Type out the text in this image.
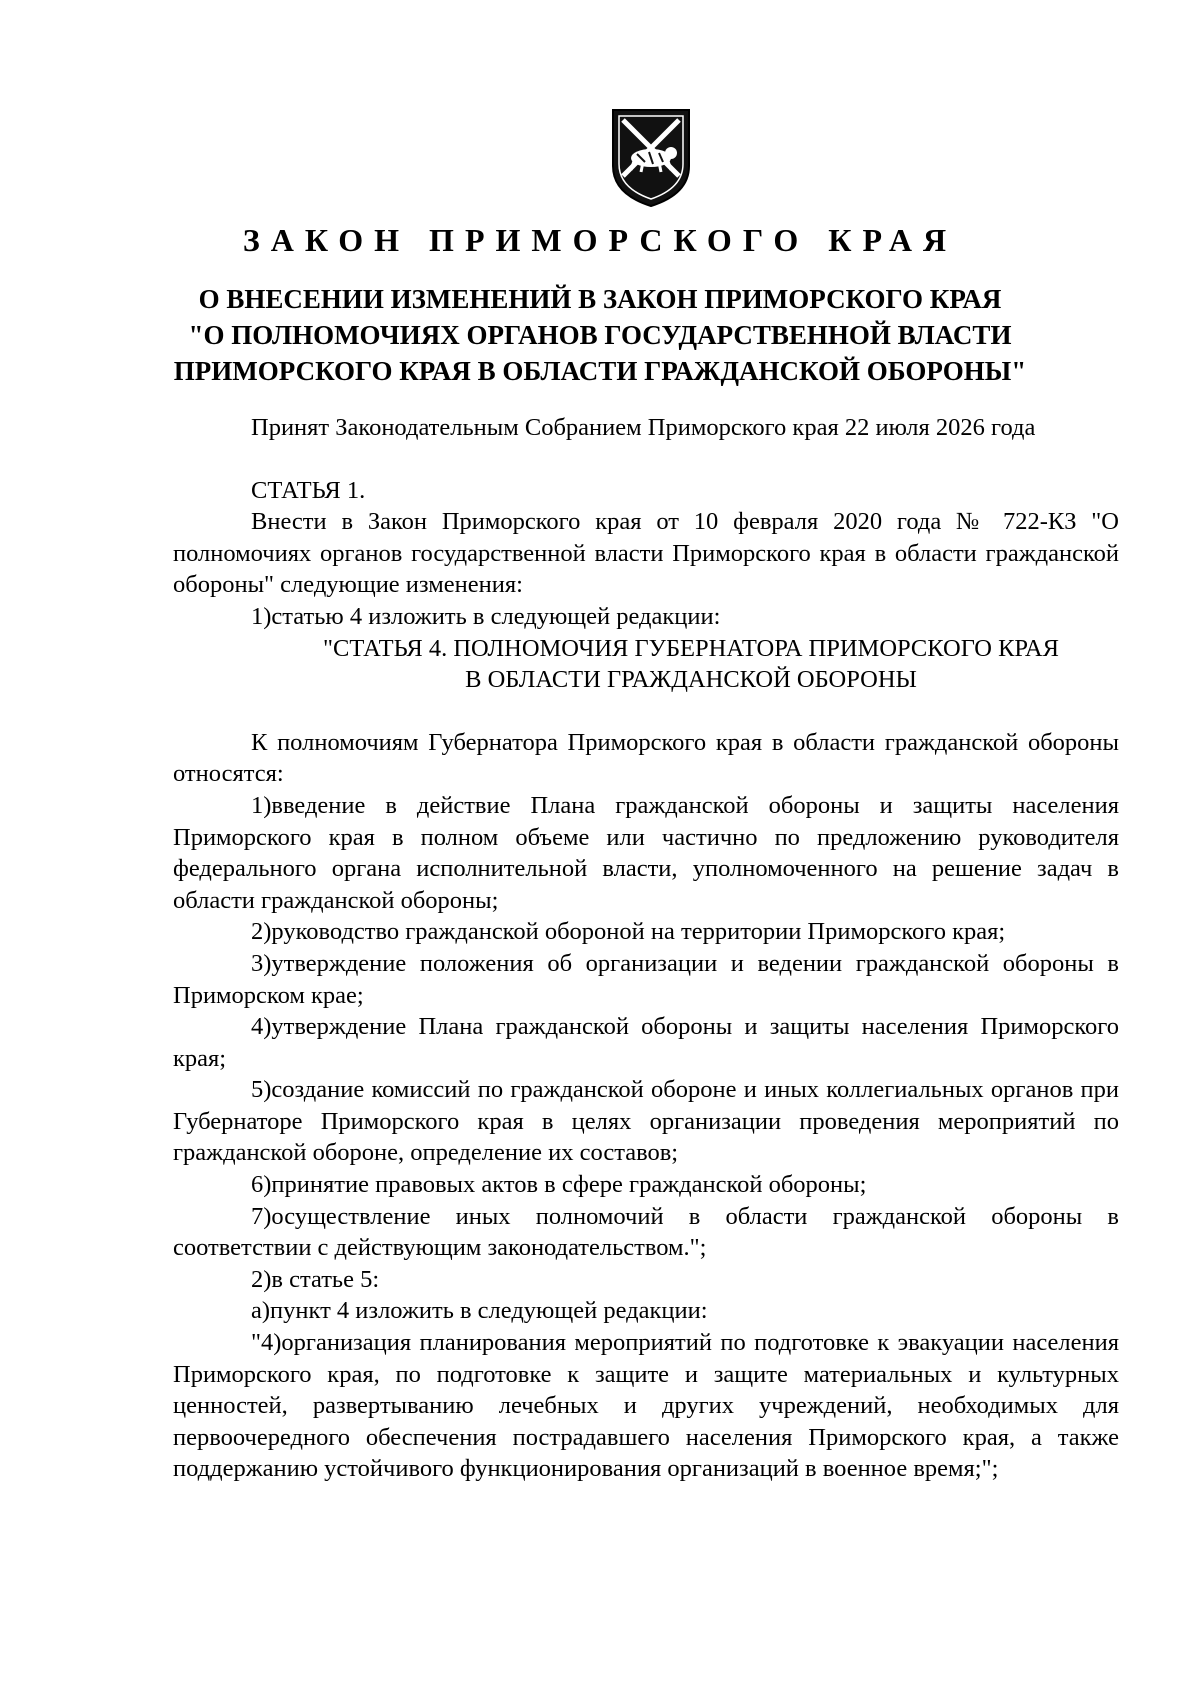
ЗАКОН ПРИМОРСКОГО КРАЯ
О ВНЕСЕНИИ ИЗМЕНЕНИЙ В ЗАКОН ПРИМОРСКОГО КРАЯ
"О ПОЛНОМОЧИЯХ ОРГАНОВ ГОСУДАРСТВЕННОЙ ВЛАСТИ
ПРИМОРСКОГО КРАЯ В ОБЛАСТИ ГРАЖДАНСКОЙ ОБОРОНЫ"

Принят Законодательным Собранием Приморского края 22 июля 2026 года

СТАТЬЯ 1.

Внести в Закон Приморского края от 10 февраля 2020 года № 722-КЗ "О полномочиях органов государственной власти Приморского края в области гражданской обороны" следующие изменения:

1)статью 4 изложить в следующей редакции:

"СТАТЬЯ 4. ПОЛНОМОЧИЯ ГУБЕРНАТОРА ПРИМОРСКОГО КРАЯ
В ОБЛАСТИ ГРАЖДАНСКОЙ ОБОРОНЫ

К полномочиям Губернатора Приморского края в области гражданской обороны относятся:

1)введение в действие Плана гражданской обороны и защиты населения Приморского края в полном объеме или частично по предложению руководителя федерального органа исполнительной власти, уполномоченного на решение задач в области гражданской обороны;

2)руководство гражданской обороной на территории Приморского края;

3)утверждение положения об организации и ведении гражданской обороны в Приморском крае;

4)утверждение Плана гражданской обороны и защиты населения Приморского края;

5)создание комиссий по гражданской обороне и иных коллегиальных органов при Губернаторе Приморского края в целях организации проведения мероприятий по гражданской обороне, определение их составов;

6)принятие правовых актов в сфере гражданской обороны;

7)осуществление иных полномочий в области гражданской обороны в соответствии с действующим законодательством.";

2)в статье 5:

а)пункт 4 изложить в следующей редакции:

"4)организация планирования мероприятий по подготовке к эвакуации населения Приморского края, по подготовке к защите и защите материальных и культурных ценностей, развертыванию лечебных и других учреждений, необходимых для первоочередного обеспечения пострадавшего населения Приморского края, а также поддержанию устойчивого функционирования организаций в военное время;";
